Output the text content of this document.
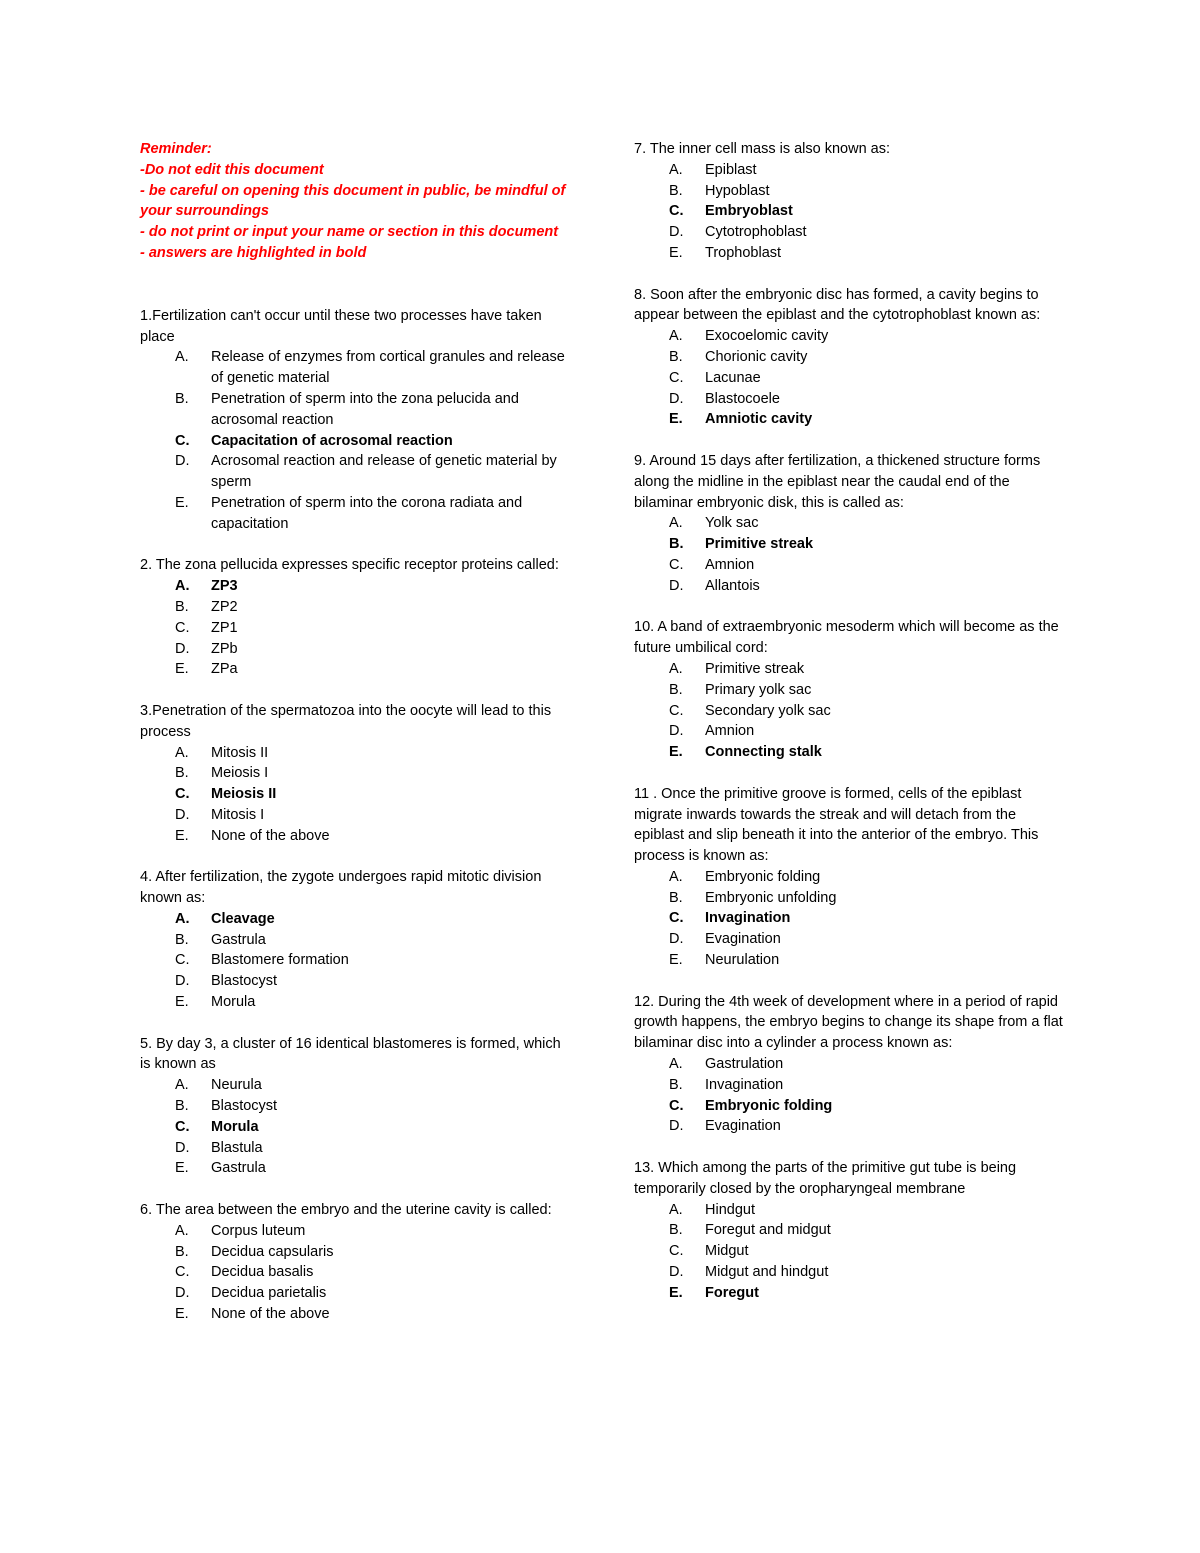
Reminder:
-Do not edit this document
- be careful on opening this document in public, be mindful of your surroundings
- do not print or input your name or section in this document
- answers are highlighted in bold
1.Fertilization can't occur until these two processes have taken place
A.	Release of enzymes from cortical granules and release of genetic material
B.	Penetration of sperm into the zona pelucida and acrosomal reaction
C.	Capacitation of acrosomal reaction
D.	Acrosomal reaction and release of genetic material by sperm
E.	Penetration of sperm into the corona radiata and capacitation
2. The zona pellucida expresses specific receptor proteins called:
A.	ZP3
B.	ZP2
C.	ZP1
D.	ZPb
E.	ZPa
3.Penetration of the spermatozoa into the oocyte will lead to this process
A.	Mitosis II
B.	Meiosis I
C.	Meiosis II
D.	Mitosis I
E.	None of the above
4. After fertilization, the zygote undergoes rapid mitotic division known as:
A.	Cleavage
B.	Gastrula
C.	Blastomere formation
D.	Blastocyst
E.	Morula
5. By day 3, a cluster of 16 identical blastomeres is formed, which is known as
A.	Neurula
B.	Blastocyst
C.	Morula
D.	Blastula
E.	Gastrula
6. The area between the embryo and the uterine cavity is called:
A.	Corpus luteum
B.	Decidua capsularis
C.	Decidua basalis
D.	Decidua parietalis
E.	None of the above
7. The inner cell mass is also known as:
A.	Epiblast
B.	Hypoblast
C.	Embryoblast
D.	Cytotrophoblast
E.	Trophoblast
8. Soon after the embryonic disc has formed, a cavity begins to appear between the epiblast and the cytotrophoblast known as:
A.	Exocoelomic cavity
B.	Chorionic cavity
C.	Lacunae
D.	Blastocoele
E.	Amniotic cavity
9. Around 15 days after fertilization, a thickened structure forms along the midline in the epiblast near the caudal end of the bilaminar embryonic disk, this is called as:
A.	Yolk sac
B.	Primitive streak
C.	Amnion
D.	Allantois
10. A band of extraembryonic mesoderm which will become as the future umbilical cord:
A.	Primitive streak
B.	Primary yolk sac
C.	Secondary yolk sac
D.	Amnion
E.	Connecting stalk
11 . Once the primitive groove is formed, cells of the epiblast migrate inwards towards the streak and will detach from the epiblast and slip beneath it into the anterior of the embryo. This process is known as:
A.	Embryonic folding
B.	Embryonic unfolding
C.	Invagination
D.	Evagination
E.	Neurulation
12. During the 4th week of development where in a period of rapid growth happens, the embryo begins to change its shape from a flat bilaminar disc into a cylinder a process known as:
A.	Gastrulation
B.	Invagination
C.	Embryonic folding
D.	Evagination
13. Which among the parts of the primitive gut tube is being temporarily closed by the oropharyngeal membrane
A.	Hindgut
B.	Foregut and midgut
C.	Midgut
D.	Midgut and hindgut
E.	Foregut
